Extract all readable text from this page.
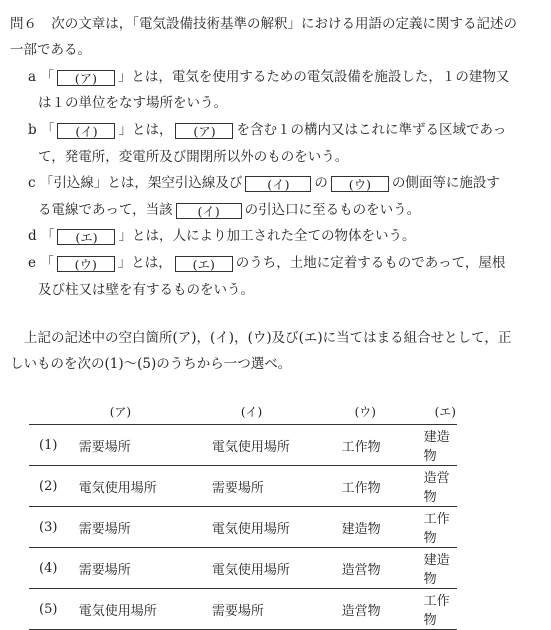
問６ 次の文章は，「電気設備技術基準の解釈」における用語の定義に関する記述の
一部である。
a 「 (ア) 」とは，電気を使用するための電気設備を施設した，１の建物又
は１の単位をなす場所をいう。
b 「 (イ) 」とは， (ア) を含む１の構内又はこれに準ずる区域であっ
て，発電所，変電所及び開閉所以外のものをいう。
c 「引込線」とは，架空引込線及び (イ) の (ウ) の側面等に施設す
る電線であって，当該 (イ) の引込口に至るものをいう。
d 「 (エ) 」とは，人により加工された全ての物体をいう。
e 「 (ウ) 」とは， (エ) のうち，土地に定着するものであって，屋根
及び柱又は壁を有するものをいう。
上記の記述中の空白箇所(ア)，(イ)，(ウ)及び(エ)に当てはまる組合せとして，正
しいものを次の(1)～(5)のうちから一つ選べ。
	(ア)	(イ)	(ウ)	(エ)
(1)	需要場所	電気使用場所	工作物	建造物
(2)	電気使用場所	需要場所	工作物	造営物
(3)	需要場所	電気使用場所	建造物	工作物
(4)	需要場所	電気使用場所	造営物	建造物
(5)	電気使用場所	需要場所	造営物	工作物
